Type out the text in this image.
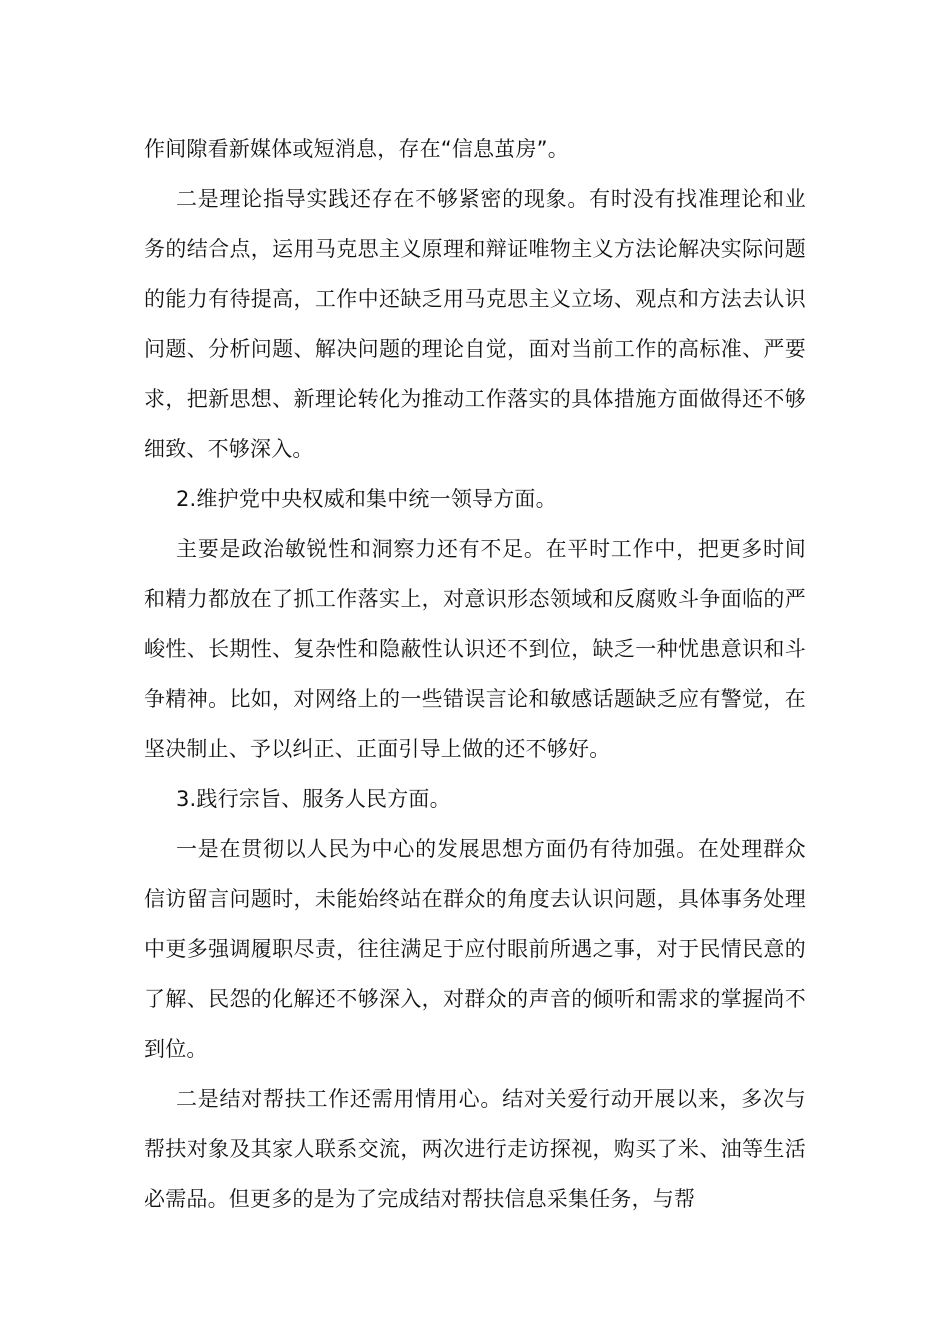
作间隙看新媒体或短消息，存在“信息茧房”。

二是理论指导实践还存在不够紧密的现象。有时没有找准理论和业务的结合点，运用马克思主义原理和辩证唯物主义方法论解决实际问题的能力有待提高，工作中还缺乏用马克思主义立场、观点和方法去认识问题、分析问题、解决问题的理论自觉，面对当前工作的高标准、严要求，把新思想、新理论转化为推动工作落实的具体措施方面做得还不够细致、不够深入。

2.维护党中央权威和集中统一领导方面。

主要是政治敏锐性和洞察力还有不足。在平时工作中，把更多时间和精力都放在了抓工作落实上，对意识形态领域和反腐败斗争面临的严峻性、长期性、复杂性和隐蔽性认识还不到位，缺乏一种忧患意识和斗争精神。比如，对网络上的一些错误言论和敏感话题缺乏应有警觉，在坚决制止、予以纠正、正面引导上做的还不够好。

3.践行宗旨、服务人民方面。

一是在贯彻以人民为中心的发展思想方面仍有待加强。在处理群众信访留言问题时，未能始终站在群众的角度去认识问题，具体事务处理中更多强调履职尽责，往往满足于应付眼前所遇之事，对于民情民意的了解、民怨的化解还不够深入，对群众的声音的倾听和需求的掌握尚不到位。

二是结对帮扶工作还需用情用心。结对关爱行动开展以来，多次与帮扶对象及其家人联系交流，两次进行走访探视，购买了米、油等生活必需品。但更多的是为了完成结对帮扶信息采集任务，与帮
